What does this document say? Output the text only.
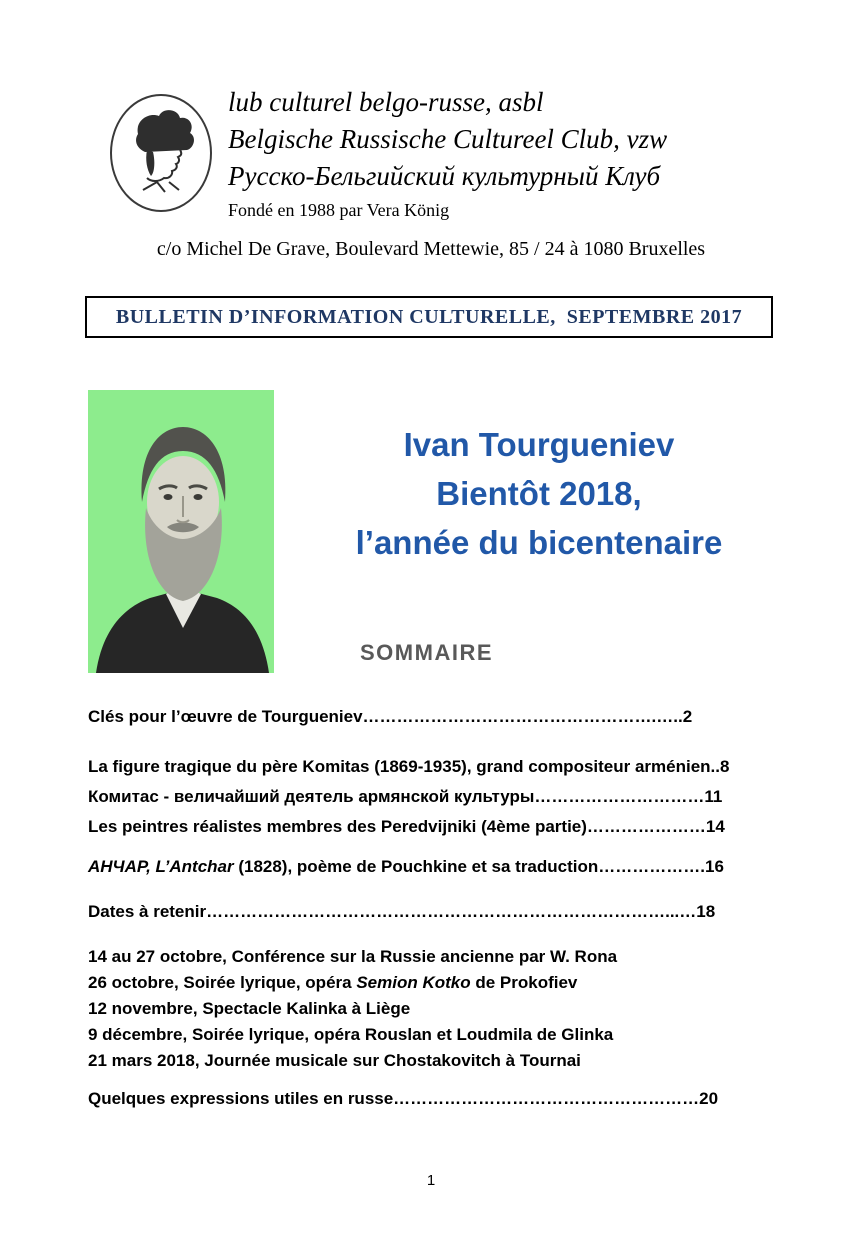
lub culturel belgo-russe, asbl
Belgische Russische Cultureel Club, vzw
Русско-Бельгийский культурный Клуб
Fondé en 1988 par Vera König
c/o Michel De Grave, Boulevard Mettewie, 85 / 24 à 1080 Bruxelles
BULLETIN D’INFORMATION CULTURELLE,  SEPTEMBRE 2017
Ivan Tourgueniev
Bientôt 2018,
l’année du bicentenaire
SOMMAIRE
Clés pour l’œuvre de Tourgueniev…………………………………………….…..2
La figure tragique du père Komitas (1869-1935), grand compositeur arménien..8
Комитас - величайший деятель армянской культуры…………………………11
Les peintres réalistes membres des Peredvijniki (4ème partie)…………………14
АНЧАР, L’Antchar (1828), poème de Pouchkine et sa traduction……………….16
Dates à retenir………………………………………………………………………...…18
14 au 27 octobre, Conférence sur la Russie ancienne par W. Rona
26 octobre, Soirée lyrique, opéra Semion Kotko de Prokofiev
12 novembre, Spectacle Kalinka à Liège
9 décembre, Soirée lyrique, opéra Rouslan et Loudmila de Glinka
21 mars 2018, Journée musicale sur Chostakovitch à Tournai
Quelques expressions utiles en russe………………………………………………20
1
